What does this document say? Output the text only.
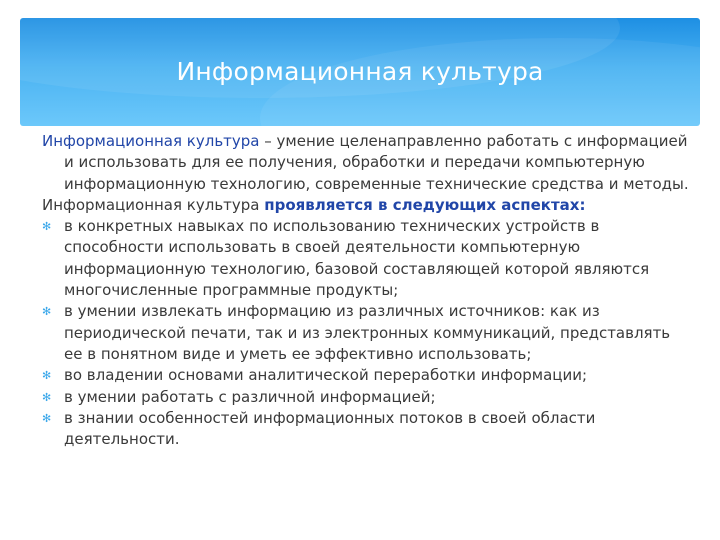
Информационная культура

Информационная культура – умение целенаправленно работать с информацией и использовать для ее получения, обработки и передачи компьютерную информационную технологию, современные технические средства и методы.

Информационная культура проявляется в следующих аспектах:

✻ в конкретных навыках по использованию технических устройств в способности использовать в своей деятельности компьютерную информационную технологию, базовой составляющей которой являются многочисленные программные продукты;
✻ в умении извлекать информацию из различных источников: как из периодической печати, так и из электронных коммуникаций, представлять ее в понятном виде и уметь ее эффективно использовать;
✻ во владении основами аналитической переработки информации;
✻ в умении работать с различной информацией;
✻ в знании особенностей информационных потоков в своей области деятельности.
